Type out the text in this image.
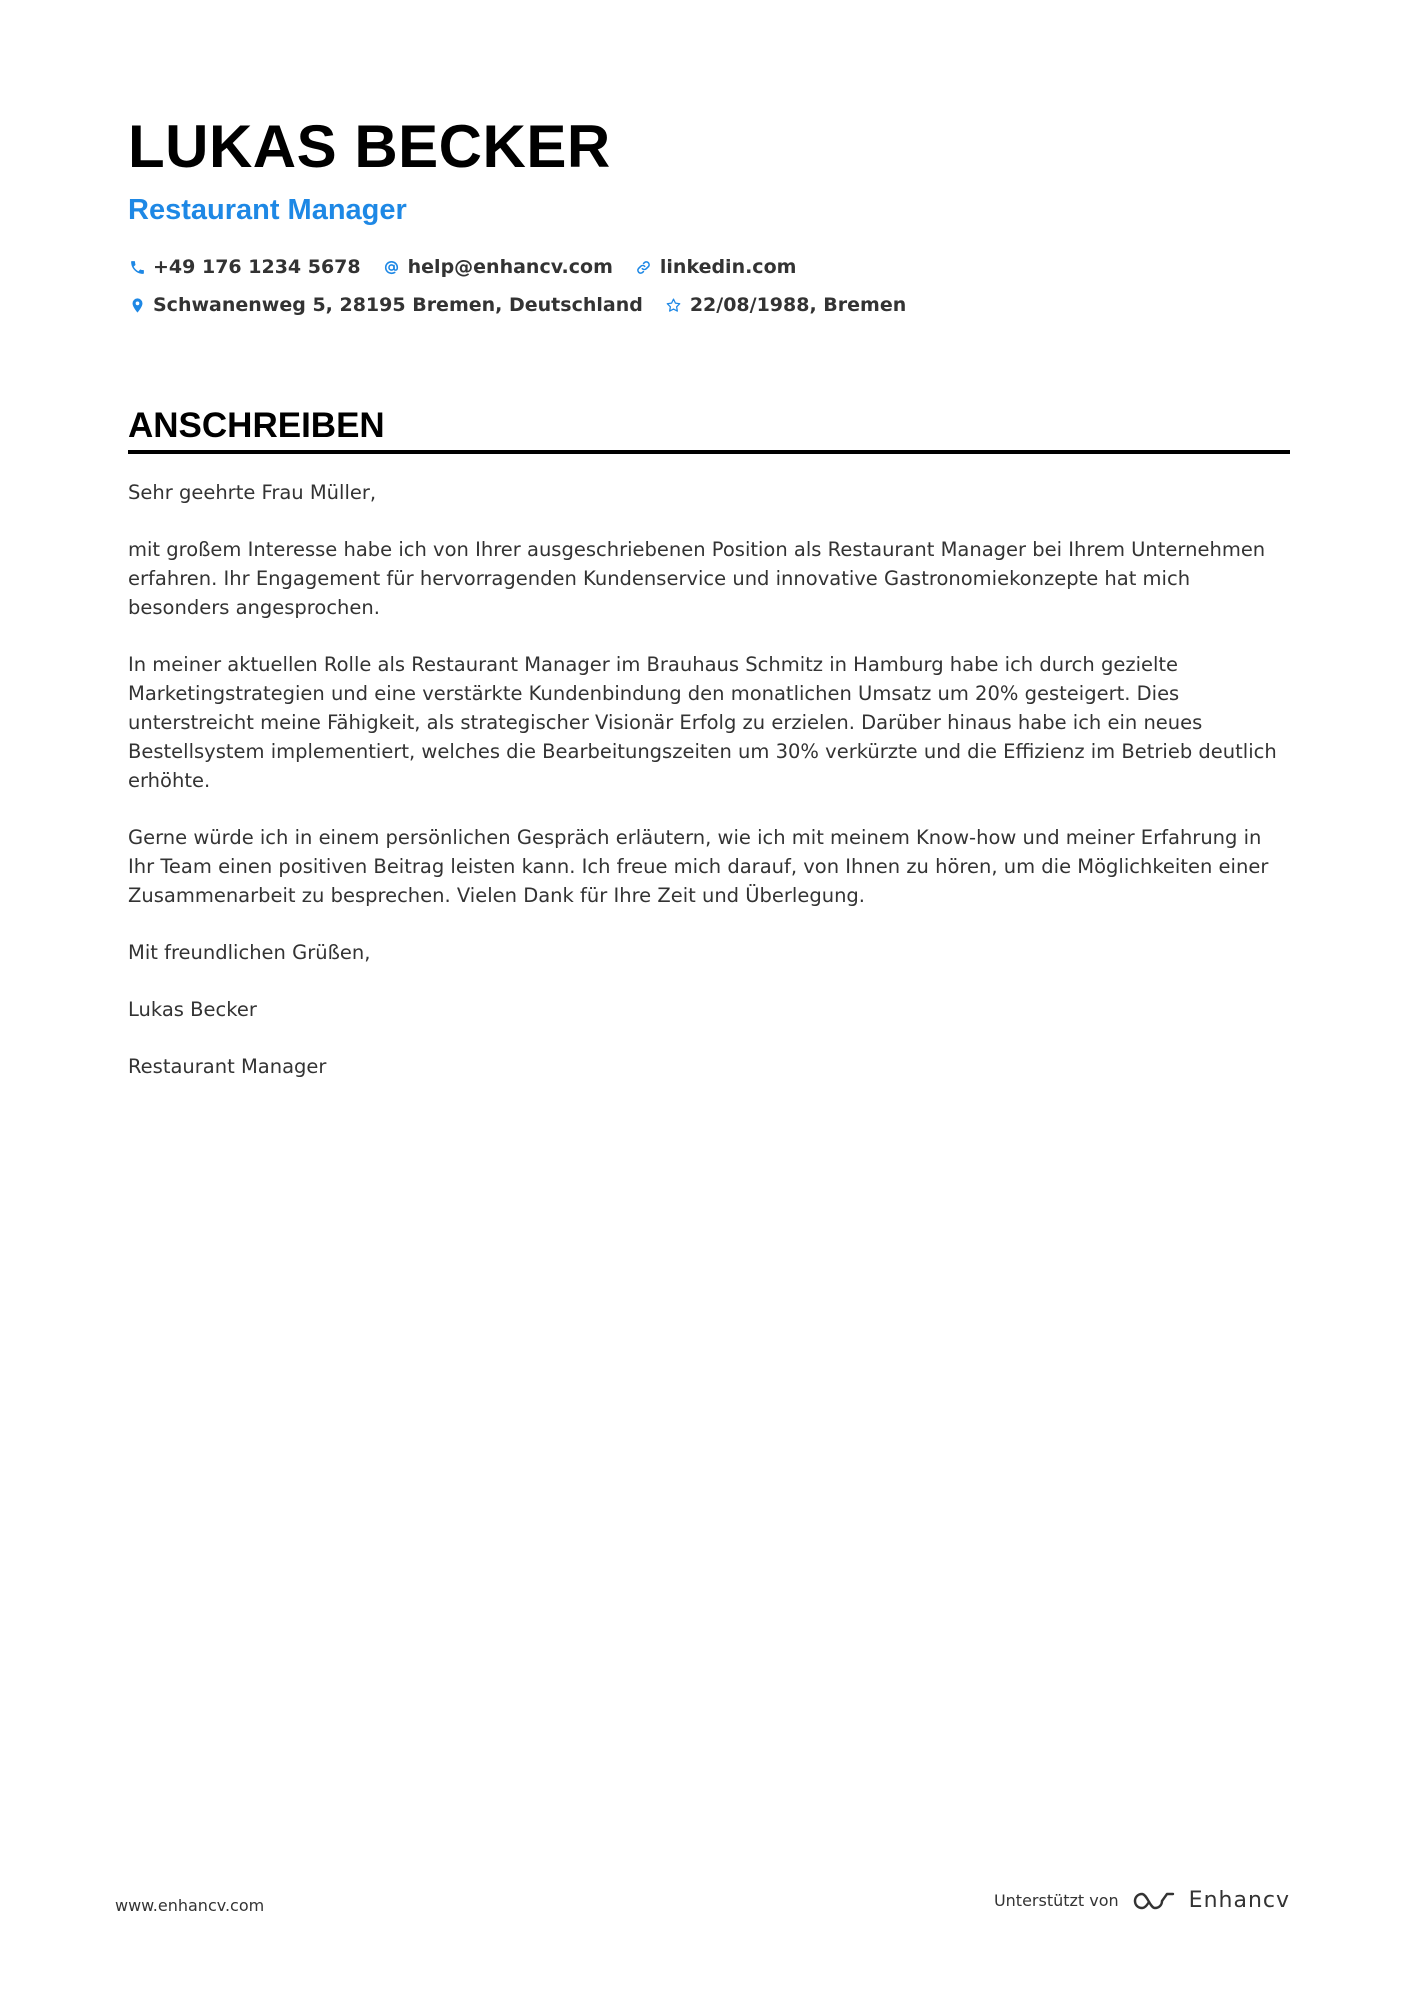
LUKAS BECKER
Restaurant Manager
+49 176 1234 5678 help@enhancv.com linkedin.com
Schwanenweg 5, 28195 Bremen, Deutschland 22/08/1988, Bremen
ANSCHREIBEN

Sehr geehrte Frau Müller,

mit großem Interesse habe ich von Ihrer ausgeschriebenen Position als Restaurant Manager bei Ihrem Unternehmen erfahren. Ihr Engagement für hervorragenden Kundenservice und innovative Gastronomiekonzepte hat mich besonders angesprochen.

In meiner aktuellen Rolle als Restaurant Manager im Brauhaus Schmitz in Hamburg habe ich durch gezielte Marketingstrategien und eine verstärkte Kundenbindung den monatlichen Umsatz um 20% gesteigert. Dies unterstreicht meine Fähigkeit, als strategischer Visionär Erfolg zu erzielen. Darüber hinaus habe ich ein neues Bestellsystem implementiert, welches die Bearbeitungszeiten um 30% verkürzte und die Effizienz im Betrieb deutlich erhöhte.

Gerne würde ich in einem persönlichen Gespräch erläutern, wie ich mit meinem Know-how und meiner Erfahrung in Ihr Team einen positiven Beitrag leisten kann. Ich freue mich darauf, von Ihnen zu hören, um die Möglichkeiten einer Zusammenarbeit zu besprechen. Vielen Dank für Ihre Zeit und Überlegung.

Mit freundlichen Grüßen,

Lukas Becker

Restaurant Manager

www.enhancv.com	Unterstützt von	Enhancv
